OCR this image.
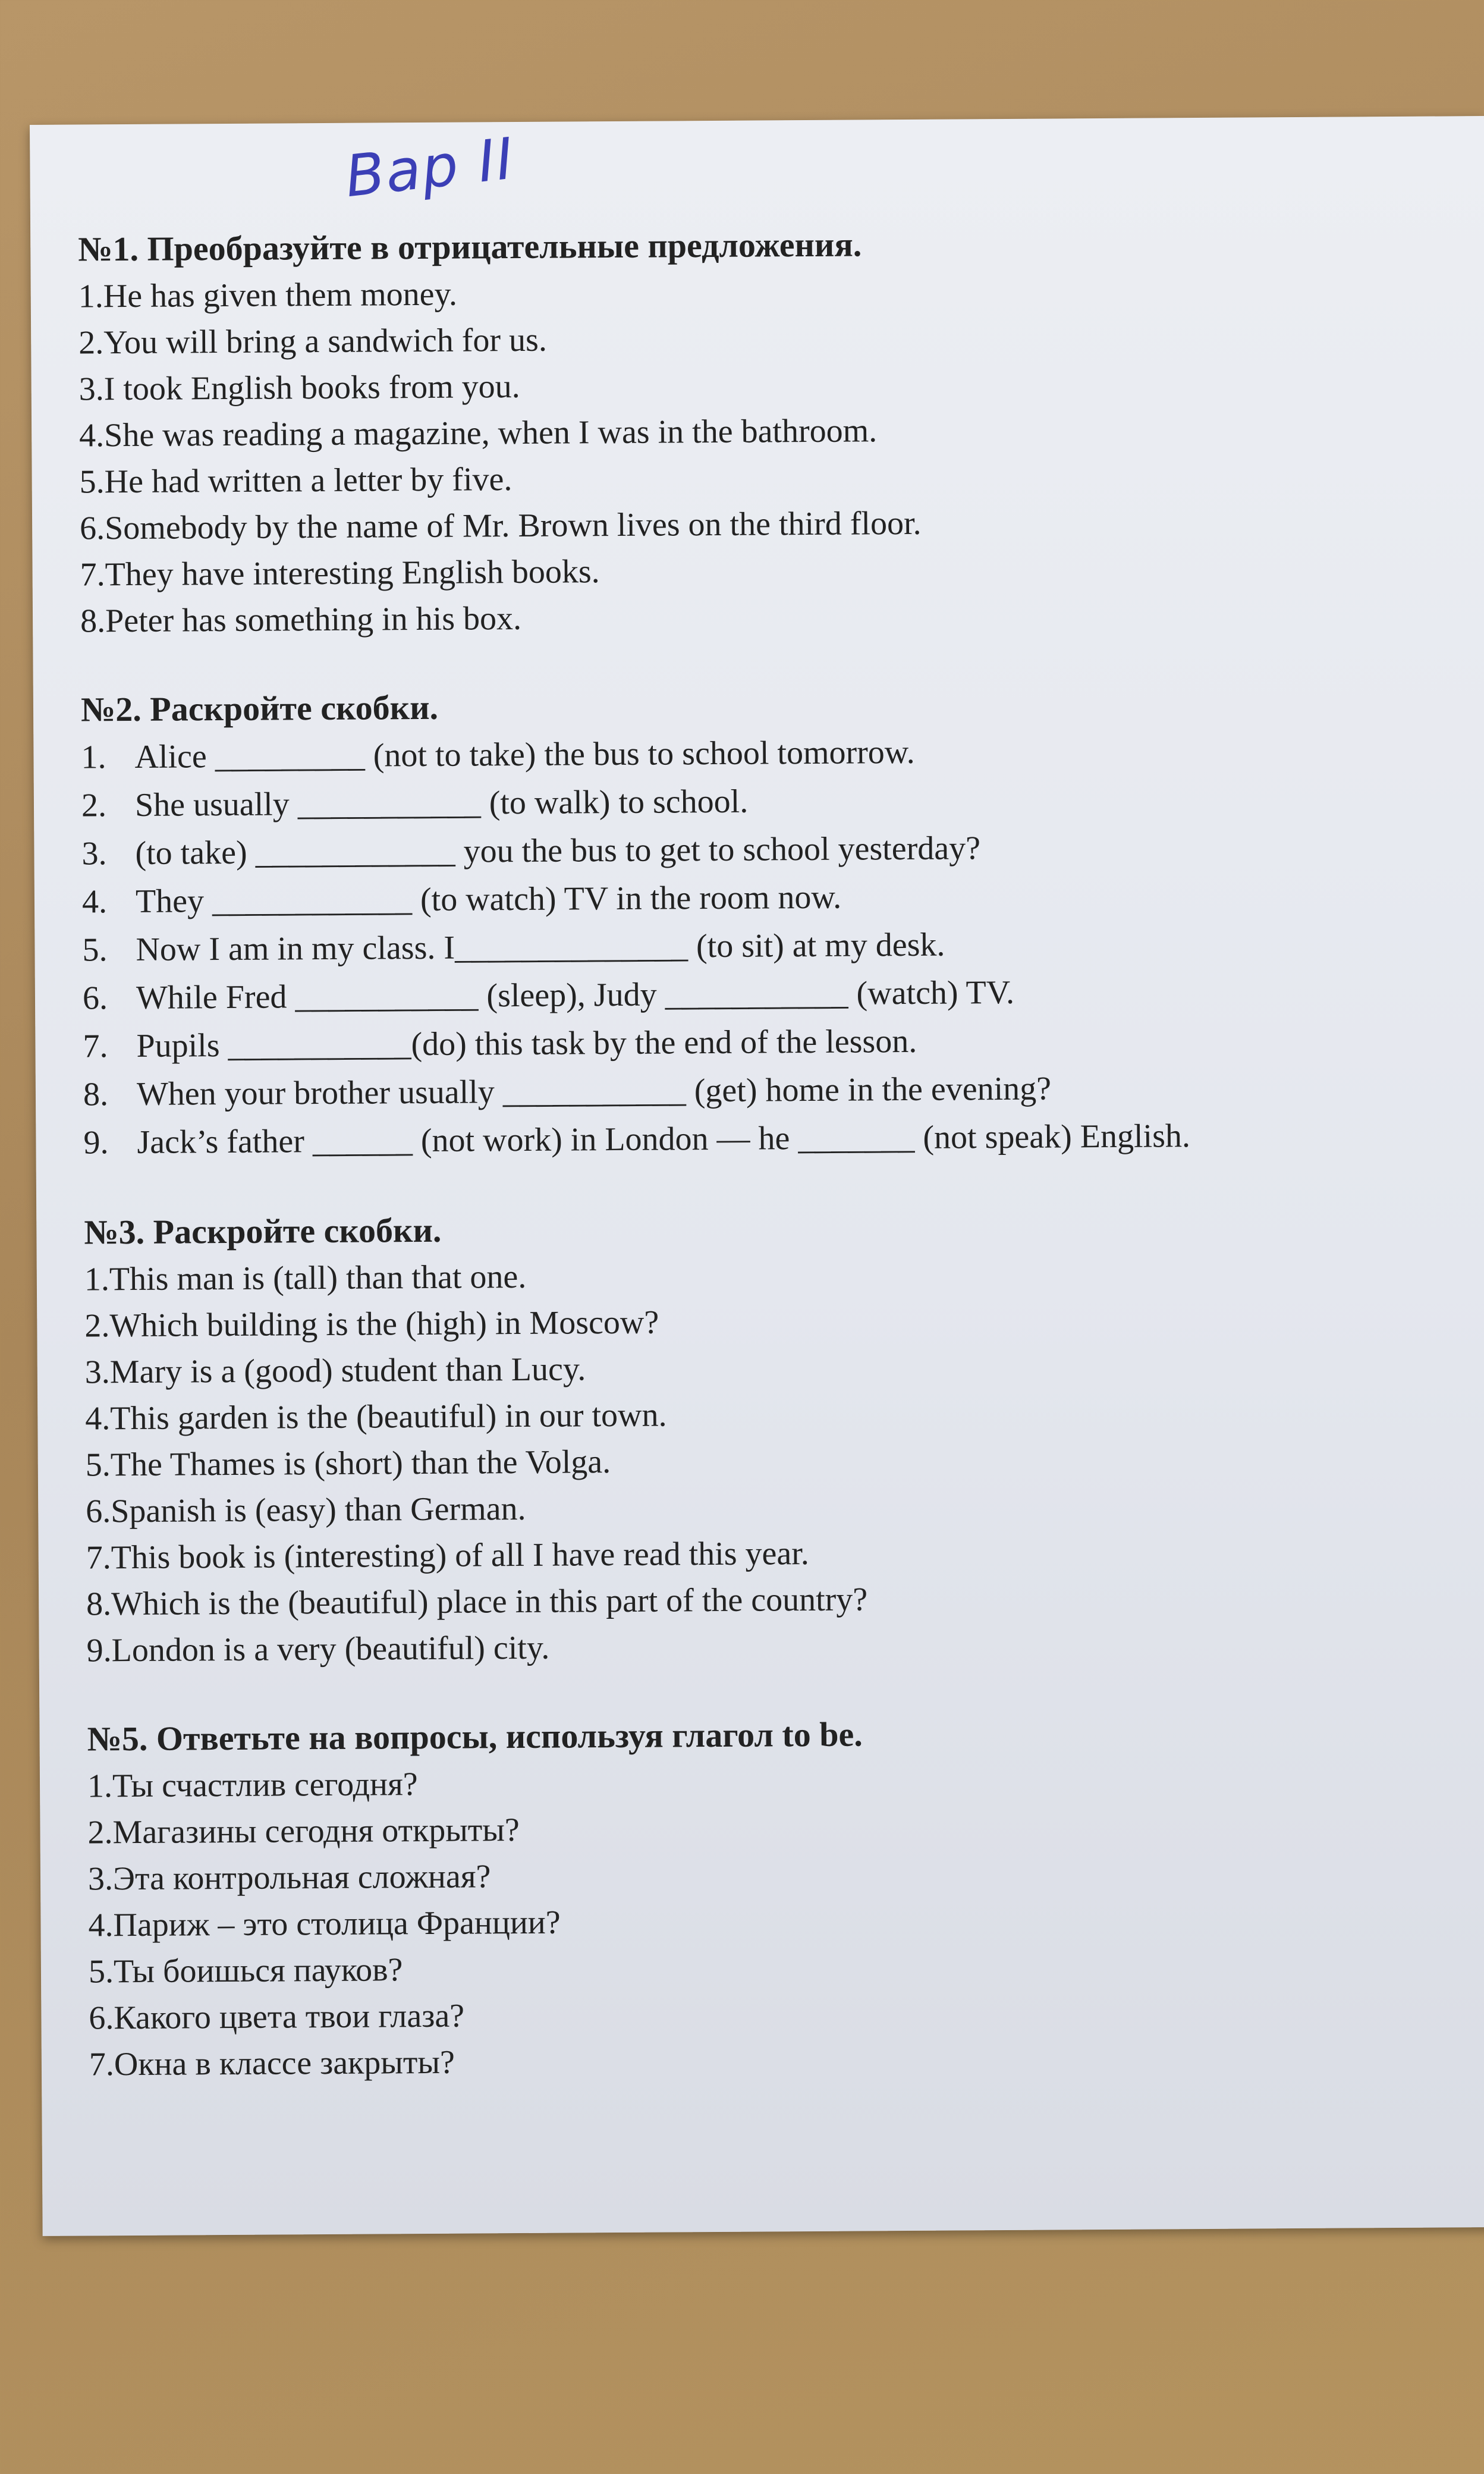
Вар II

№1. Преобразуйте в отрицательные предложения.

1. He has given them money.
2. You will bring a sandwich for us.
3. I took English books from you.
4. She was reading a magazine, when I was in the bathroom.
5. He had written a letter by five.
6. Somebody by the name of Mr. Brown lives on the third floor.
7. They have interesting English books.
8. Peter has something in his box.

№2. Раскройте скобки.

1. Alice _________ (not to take) the bus to school tomorrow.
2. She usually ___________ (to walk) to school.
3. (to take) ____________ you the bus to get to school yesterday?
4. They ____________ (to watch) TV in the room now.
5. Now I am in my class. I______________ (to sit) at my desk.
6. While Fred ___________ (sleep), Judy ___________ (watch) TV.
7. Pupils ___________(do) this task by the end of the lesson.
8. When your brother usually ___________ (get) home in the evening?
9. Jack’s father ______ (not work) in London — he _______ (not speak) English.

№3. Раскройте скобки.

1. This man is (tall) than that one.
2. Which building is the (high) in Moscow?
3. Mary is a (good) student than Lucy.
4. This garden is the (beautiful) in our town.
5. The Thames is (short) than the Volga.
6. Spanish is (easy) than German.
7. This book is (interesting) of all I have read this year.
8. Which is the (beautiful) place in this part of the country?
9. London is a very (beautiful) city.

№5. Ответьте на вопросы, используя глагол to be.

1. Ты счастлив сегодня?
2. Магазины сегодня открыты?
3. Эта контрольная сложная?
4. Париж – это столица Франции?
5. Ты боишься пауков?
6. Какого цвета твои глаза?
7. Окна в классе закрыты?
